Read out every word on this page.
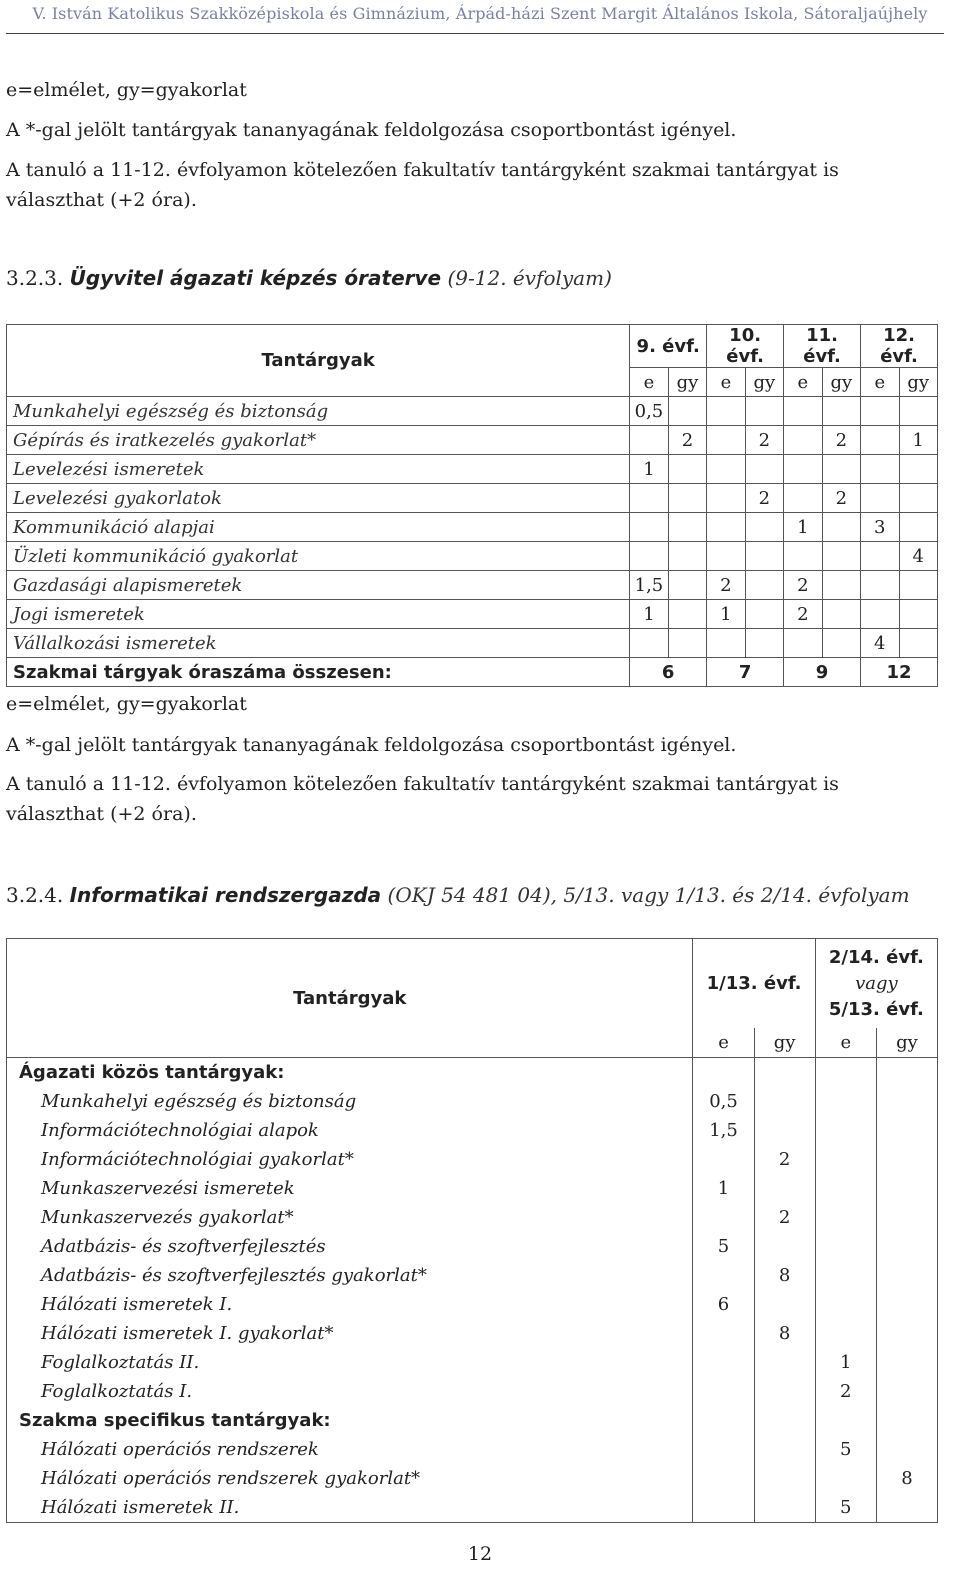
V. István Katolikus Szakközépiskola és Gimnázium, Árpád-házi Szent Margit Általános Iskola, Sátoraljaújhely
e=elmélet, gy=gyakorlat
A *-gal jelölt tantárgyak tananyagának feldolgozása csoportbontást igényel.
A tanuló a 11-12. évfolyamon kötelezően fakultatív tantárgyként szakmai tantárgyat is választhat (+2 óra).
3.2.3. Ügyvitel ágazati képzés óraterve (9-12. évfolyam)
Tantárgyak	9. évf.		10. évf.		11. évf.		12. évf.	
	e	gy	e	gy	e	gy	e	gy
Munkahelyi egészség és biztonság	0,5							
Gépírás és iratkezelés gyakorlat*		2		2		2		1
Levelezési ismeretek	1							
Levelezési gyakorlatok				2		2		
Kommunikáció alapjai					1		3	
Üzleti kommunikáció gyakorlat								4
Gazdasági alapismeretek	1,5		2		2			
Jogi ismeretek	1		1		2			
Vállalkozási ismeretek							4	
Szakmai tárgyak óraszáma összesen:	6		7		9		12	
e=elmélet, gy=gyakorlat
A *-gal jelölt tantárgyak tananyagának feldolgozása csoportbontást igényel.
A tanuló a 11-12. évfolyamon kötelezően fakultatív tantárgyként szakmai tantárgyat is választhat (+2 óra).
3.2.4. Informatikai rendszergazda (OKJ 54 481 04), 5/13. vagy 1/13. és 2/14. évfolyam
Tantárgyak	1/13. évf.		2/14. évf.
vagy
5/13. évf.	

	e	gy	e	gy
Ágazati közös tantárgyak:				
Munkahelyi egészség és biztonság	0,5			
Információtechnológiai alapok	1,5			
Információtechnológiai gyakorlat*		2		
Munkaszervezési ismeretek	1			
Munkaszervezés gyakorlat*		2		
Adatbázis- és szoftverfejlesztés	5			
Adatbázis- és szoftverfejlesztés gyakorlat*		8		
Hálózati ismeretek I.	6			
Hálózati ismeretek I. gyakorlat*		8		
Foglalkoztatás II.			1	
Foglalkoztatás I.			2	
Szakma specifikus tantárgyak:				
Hálózati operációs rendszerek			5	
Hálózati operációs rendszerek gyakorlat*				8
Hálózati ismeretek II.			5	
12
